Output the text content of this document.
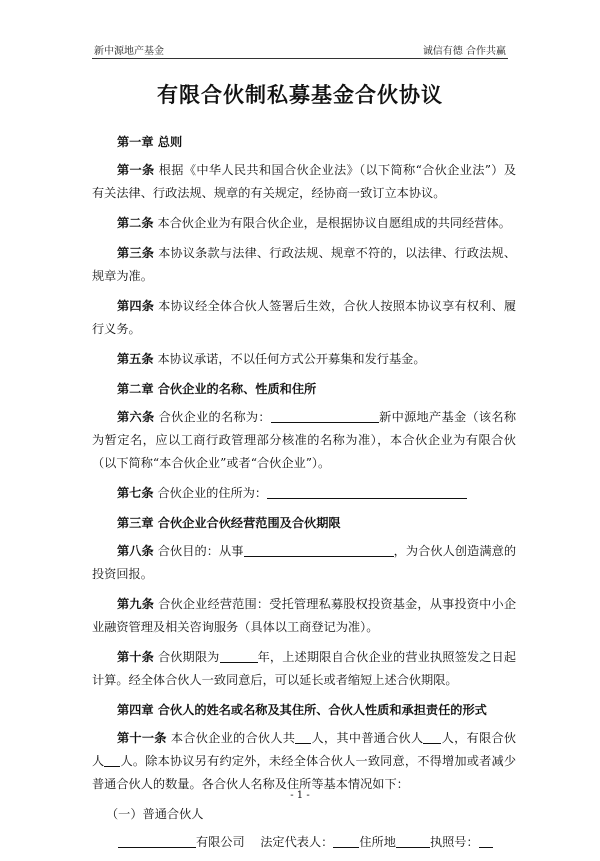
新中源地产基金	诚信有德 合作共赢
有限合伙制私募基金合伙协议

第一章 总则

第一条 根据《中华人民共和国合伙企业法》（以下简称“合伙企业法”）及有关法律、行政法规、规章的有关规定，经协商一致订立本协议。

第二条 本合伙企业为有限合伙企业，是根据协议自愿组成的共同经营体。

第三条 本协议条款与法律、行政法规、规章不符的，以法律、行政法规、规章为准。

第四条 本协议经全体合伙人签署后生效，合伙人按照本协议享有权利、履行义务。

第五条 本协议承诺，不以任何方式公开募集和发行基金。

第二章 合伙企业的名称、性质和住所

第六条 合伙企业的名称为：	新中源地产基金（该名称为暂定名，应以工商行政管理部分核准的名称为准），本合伙企业为有限合伙（以下简称“本合伙企业”或者“合伙企业”）。

第七条 合伙企业的住所为：

第三章 合伙企业合伙经营范围及合伙期限

第八条 合伙目的：从事	，为合伙人创造满意的投资回报。

第九条 合伙企业经营范围：受托管理私募股权投资基金，从事投资中小企业融资管理及相关咨询服务（具体以工商登记为准）。

第十条 合伙期限为	年，上述期限自合伙企业的营业执照签发之日起计算。经全体合伙人一致同意后，可以延长或者缩短上述合伙期限。

第四章 合伙人的姓名或名称及其住所、合伙人性质和承担责任的形式

第十一条 本合伙企业的合伙人共 人，其中普通合伙人 人，有限合伙人 人。除本协议另有约定外，未经全体合伙人一致同意，不得增加或者减少普通合伙人的数量。各合伙人名称及住所等基本情况如下：

（一）普通合伙人

有限公司 法定代表人： 住所地	执照号：

- 1 -
